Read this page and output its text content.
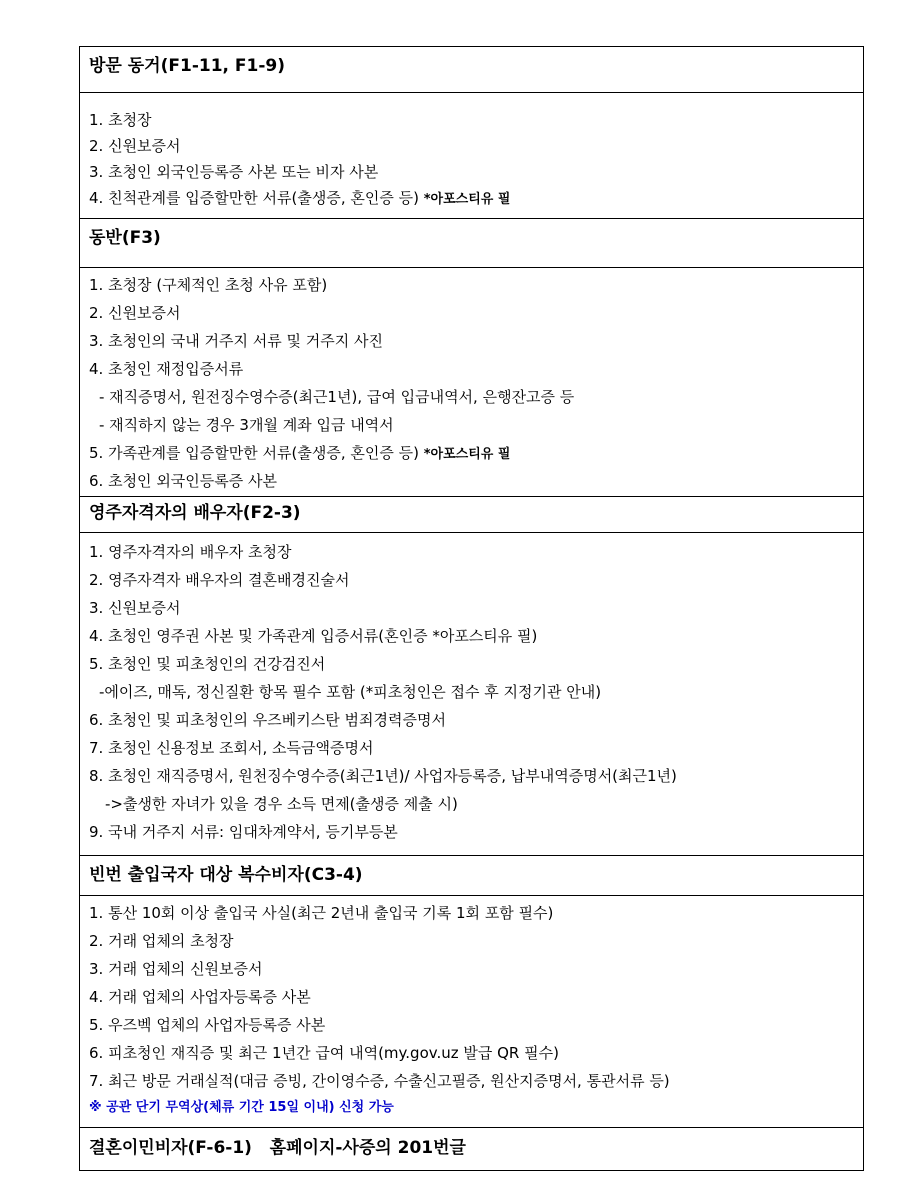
방문 동거(F1-11, F1-9)
1. 초청장
2. 신원보증서
3. 초청인 외국인등록증 사본 또는 비자 사본
4. 친척관계를 입증할만한 서류(출생증, 혼인증 등) *아포스티유 필
동반(F3)
1. 초청장 (구체적인 초청 사유 포함)
2. 신원보증서
3. 초청인의 국내 거주지 서류 및 거주지 사진
4. 초청인 재정입증서류
- 재직증명서, 원전징수영수증(최근1년), 급여 입금내역서, 은행잔고증 등
- 재직하지 않는 경우 3개월 계좌 입금 내역서
5. 가족관계를 입증할만한 서류(출생증, 혼인증 등) *아포스티유 필
6. 초청인 외국인등록증 사본
영주자격자의 배우자(F2-3)
1. 영주자격자의 배우자 초청장
2. 영주자격자 배우자의 결혼배경진술서
3. 신원보증서
4. 초청인 영주권 사본 및 가족관계 입증서류(혼인증 *아포스티유 필)
5. 초청인 및 피초청인의 건강검진서
-에이즈, 매독, 정신질환 항목 필수 포함 (*피초청인은 접수 후 지정기관 안내)
6. 초청인 및 피초청인의 우즈베키스탄 범죄경력증명서
7. 초청인 신용정보 조회서, 소득금액증명서
8. 초청인 재직증명서, 원천징수영수증(최근1년)/ 사업자등록증, 납부내역증명서(최근1년)
->출생한 자녀가 있을 경우 소득 면제(출생증 제출 시)
9. 국내 거주지 서류: 임대차계약서, 등기부등본
빈번 출입국자 대상 복수비자(C3-4)
1. 통산 10회 이상 출입국 사실(최근 2년내 출입국 기록 1회 포함 필수)
2. 거래 업체의 초청장
3. 거래 업체의 신원보증서
4. 거래 업체의 사업자등록증 사본
5. 우즈벡 업체의 사업자등록증 사본
6. 피초청인 재직증 및 최근 1년간 급여 내역(my.gov.uz 발급 QR 필수)
7. 최근 방문 거래실적(대금 증빙, 간이영수증, 수출신고필증, 원산지증명서, 통관서류 등)
※ 공관 단기 무역상(체류 기간 15일 이내) 신청 가능
결혼이민비자(F-6-1)   홈페이지-사증의 201번글
